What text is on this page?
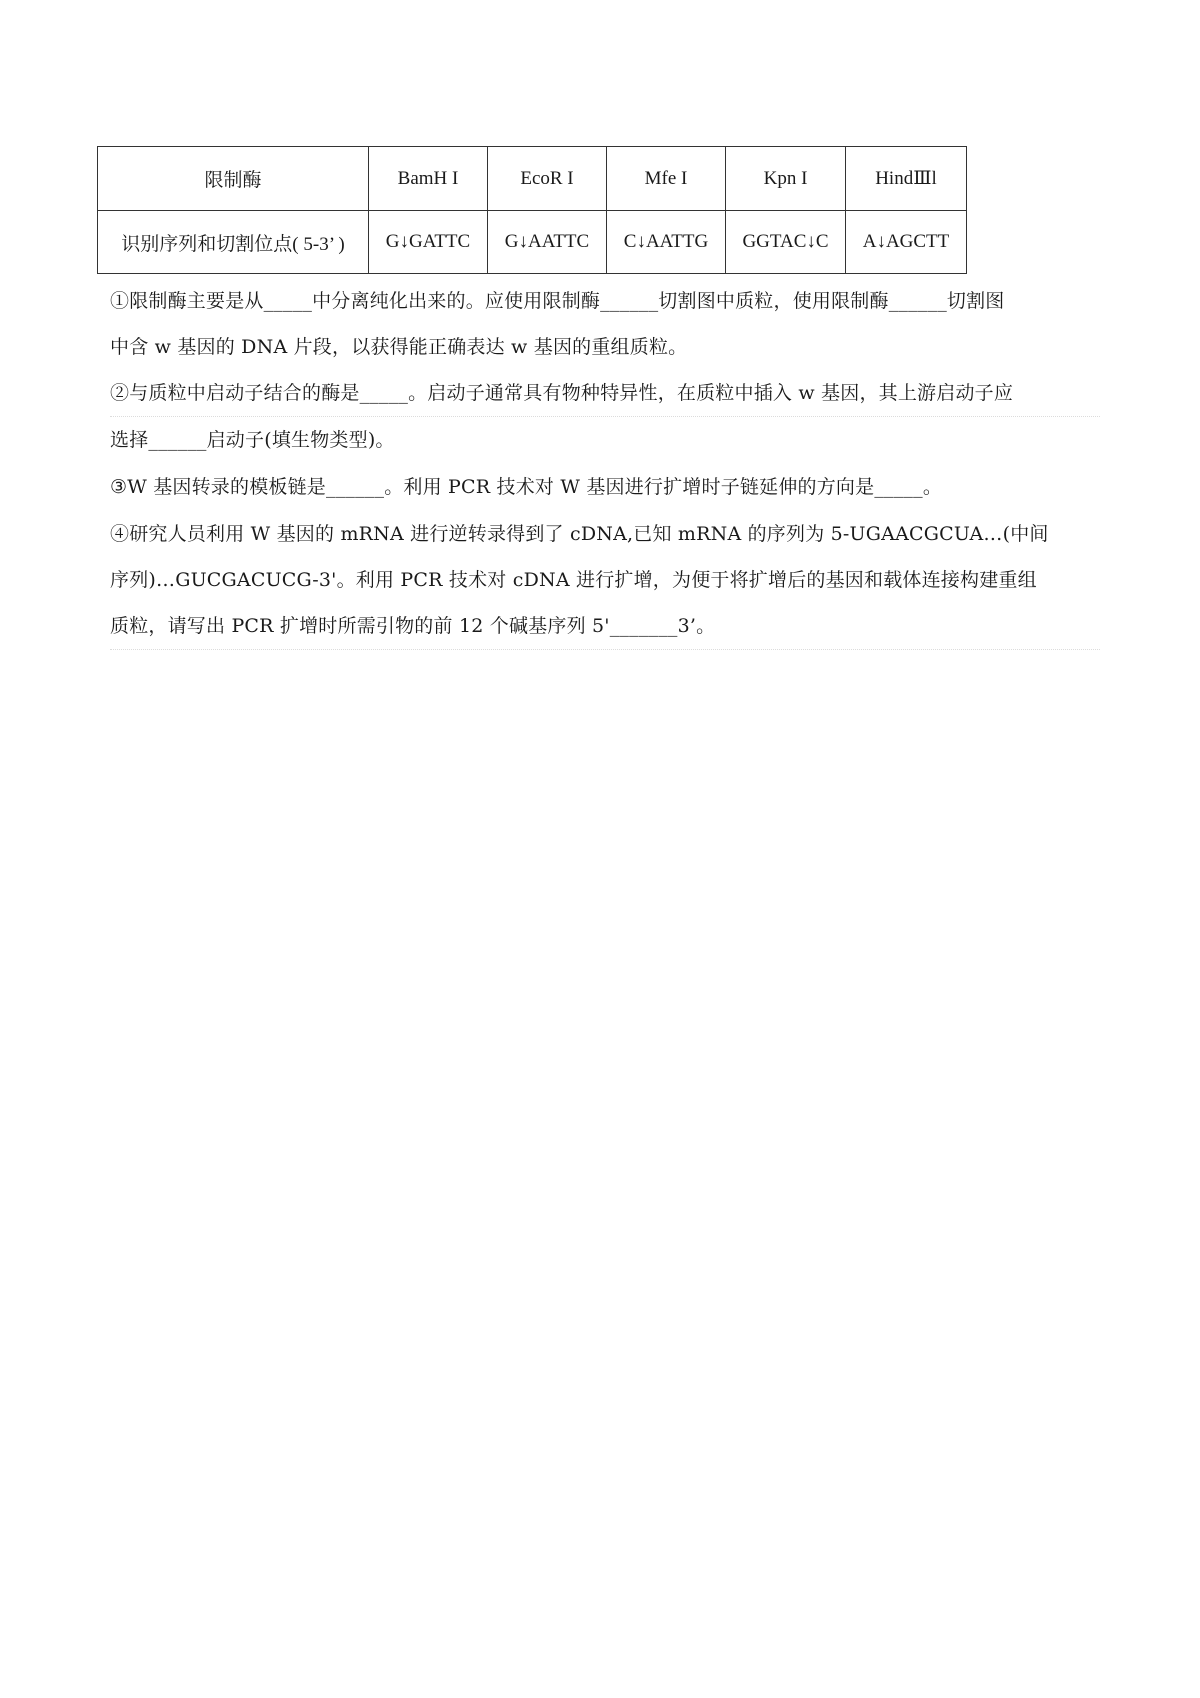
限制酶	BamH I	EcoR I	Mfe I	Kpn I	HindⅢl
识别序列和切割位点( 5-3’ )	G↓GATTC	G↓AATTC	C↓AATTG	GGTAC↓C	A↓AGCTT
①限制酶主要是从_____中分离纯化出来的。应使用限制酶______切割图中质粒，使用限制酶______切割图
中含 w 基因的 DNA 片段，以获得能正确表达 w 基因的重组质粒。
②与质粒中启动子结合的酶是_____。启动子通常具有物种特异性，在质粒中插入 w 基因，其上游启动子应
选择______启动子(填生物类型)。
③W 基因转录的模板链是______。利用 PCR 技术对 W 基因进行扩增时子链延伸的方向是_____。
④研究人员利用 W 基因的 mRNA 进行逆转录得到了 cDNA,已知 mRNA 的序列为 5-UGAACGCUA…(中间
序列)…GUCGACUCG-3'。利用 PCR 技术对 cDNA 进行扩增，为便于将扩增后的基因和载体连接构建重组
质粒，请写出 PCR 扩增时所需引物的前 12 个碱基序列 5'_______3’。
